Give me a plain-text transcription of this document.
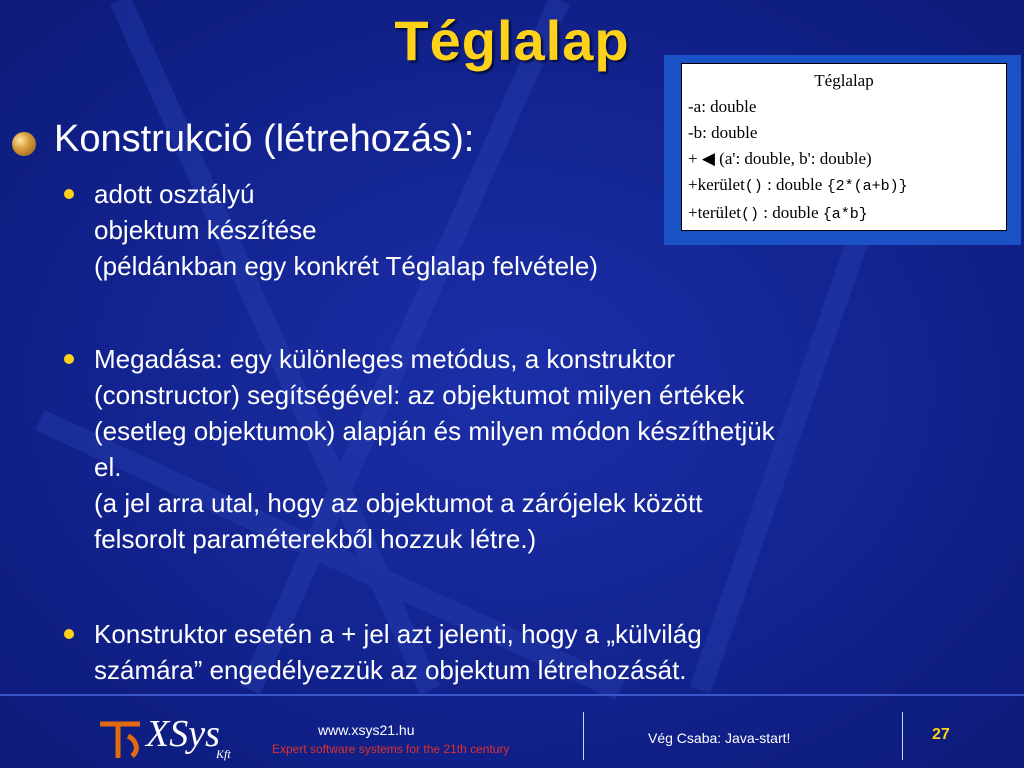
Téglalap
Téglalap
-a: double
-b: double
+ ◀ (a': double, b': double)
+kerület() : double {2*(a+b)}
+terület() : double {a*b}
Konstrukció (létrehozás):
adott osztályú
objektum készítése
(példánkban egy konkrét Téglalap felvétele)
Megadása: egy különleges metódus, a konstruktor
(constructor) segítségével: az objektumot milyen értékek
(esetleg objektumok) alapján és milyen módon készíthetjük
el.
(a jel arra utal, hogy az objektumot a zárójelek között
felsorolt paraméterekből hozzuk létre.)
Konstruktor esetén a + jel azt jelenti, hogy a „külvilág
számára” engedélyezzük az objektum létrehozását.
XSys
Kft
www.xsys21.hu
Expert software systems for the 21th century
Vég Csaba: Java-start!	27
